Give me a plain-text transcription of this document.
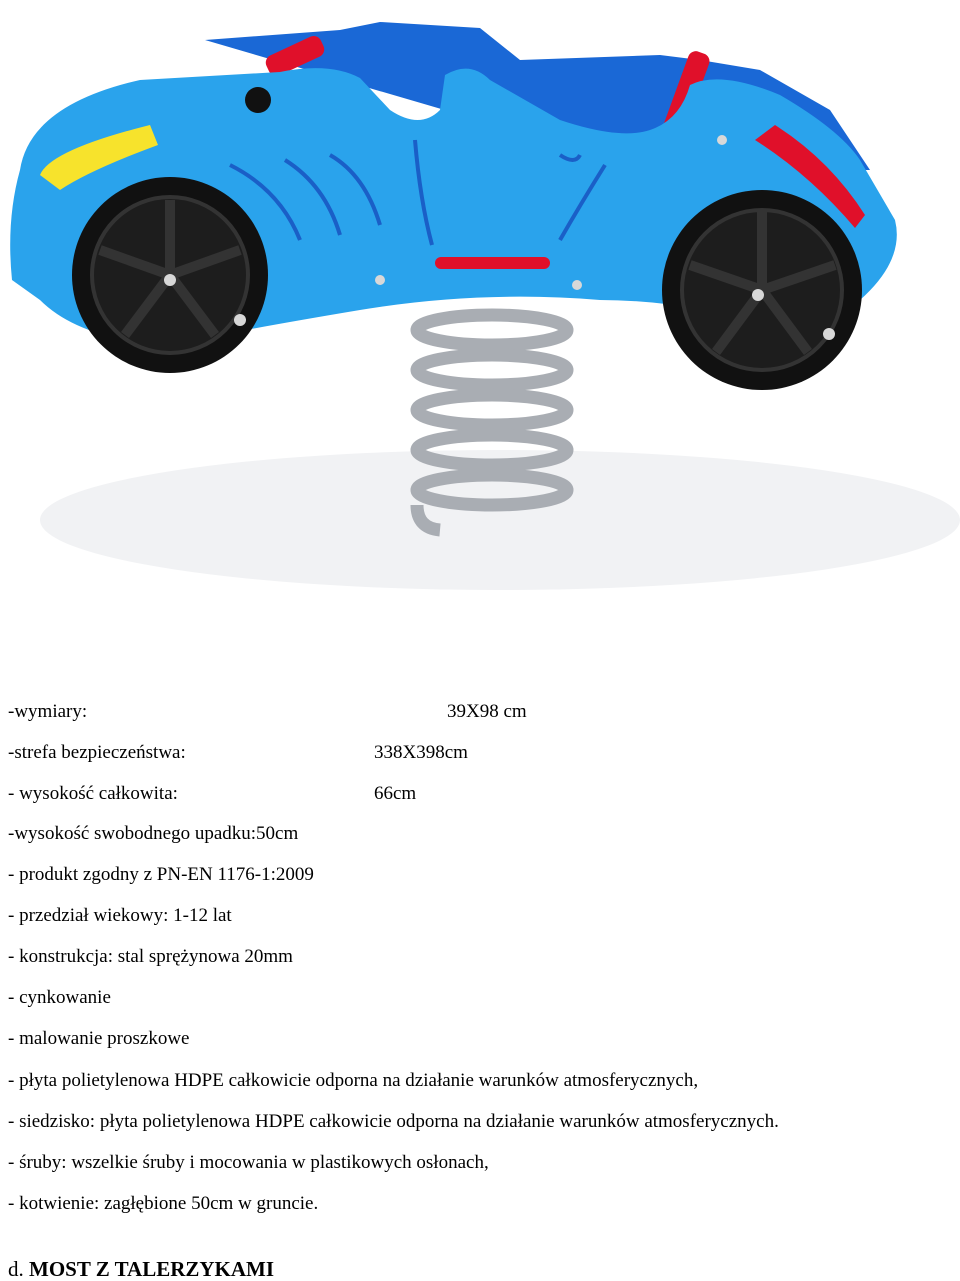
-wymiary:	39X98 cm
-strefa bezpieczeństwa:	338X398cm
- wysokość całkowita:	66cm
-wysokość swobodnego upadku:50cm
- produkt zgodny z PN-EN 1176-1:2009
- przedział wiekowy: 1-12 lat
- konstrukcja: stal sprężynowa 20mm
- cynkowanie
- malowanie proszkowe
- płyta polietylenowa HDPE całkowicie odporna na działanie warunków atmosferycznych,
- siedzisko: płyta polietylenowa HDPE całkowicie odporna na działanie warunków atmosferycznych.
- śruby: wszelkie śruby i mocowania w plastikowych osłonach,
- kotwienie: zagłębione 50cm w gruncie.
d. MOST Z TALERZYKAMI
